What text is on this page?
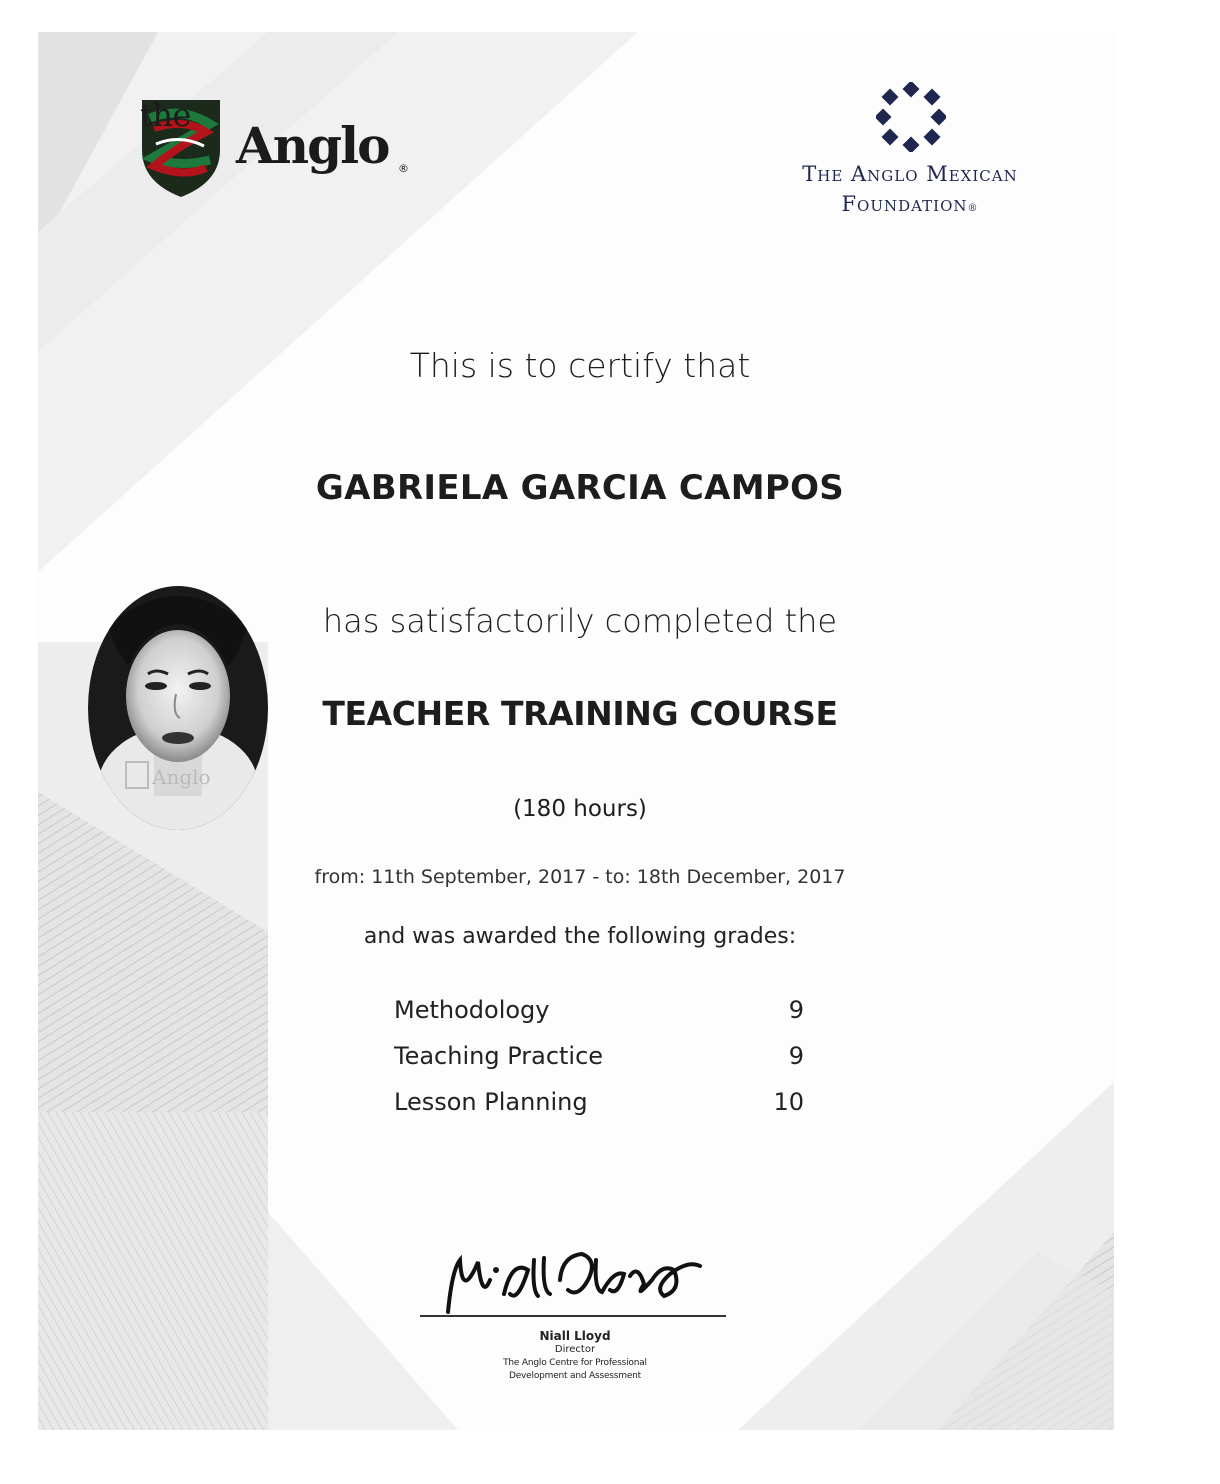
the
Anglo ®	The Anglo Mexican
Foundation®
This is to certify that
GABRIELA GARCIA CAMPOS
Anglo
has satisfactorily completed the
TEACHER TRAINING COURSE
(180 hours)
from: 11th September, 2017 - to: 18th December, 2017
and was awarded the following grades:
Methodology	9
Teaching Practice	9
Lesson Planning	10
Niall Lloyd
Director
The Anglo Centre for Professional
Development and Assessment
